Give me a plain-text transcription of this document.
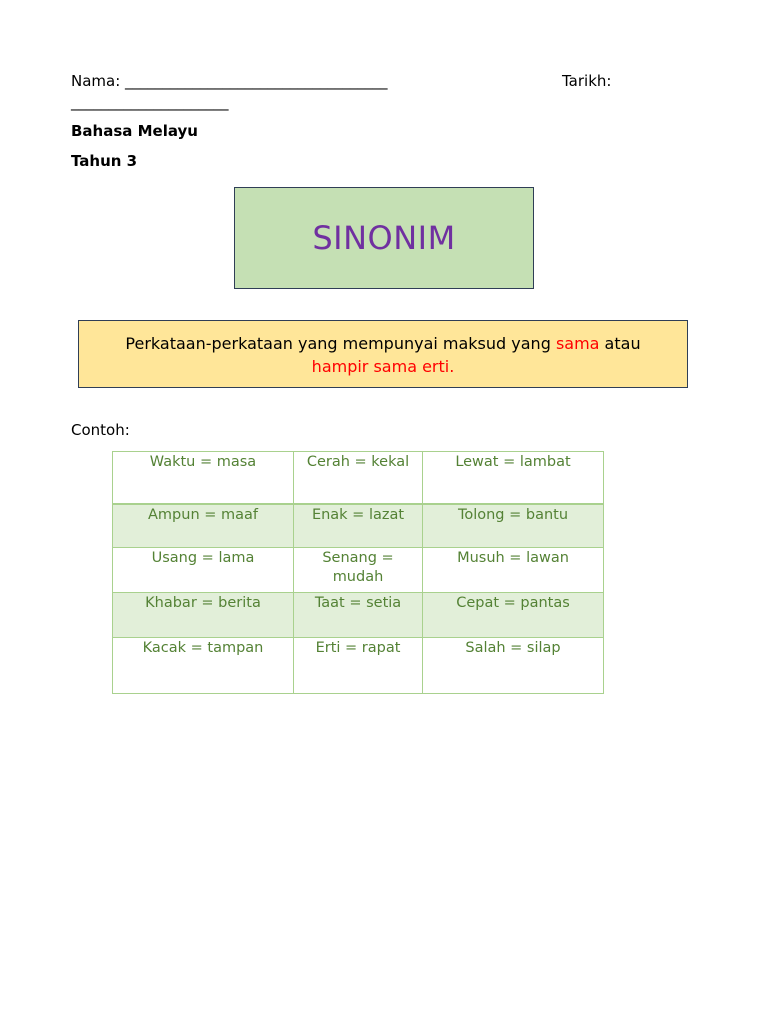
Nama: ___________________________________	Tarikh:
_____________________
Bahasa Melayu
Tahun 3
SINONIM
Perkataan-perkataan yang mempunyai maksud yang sama atau
hampir sama erti.
Contoh:
Waktu = masa	Cerah = kekal	Lewat = lambat
Ampun = maaf	Enak = lazat	Tolong = bantu
Usang = lama	Senang = mudah	Musuh = lawan
Khabar = berita	Taat = setia	Cepat = pantas
Kacak = tampan	Erti = rapat	Salah = silap
